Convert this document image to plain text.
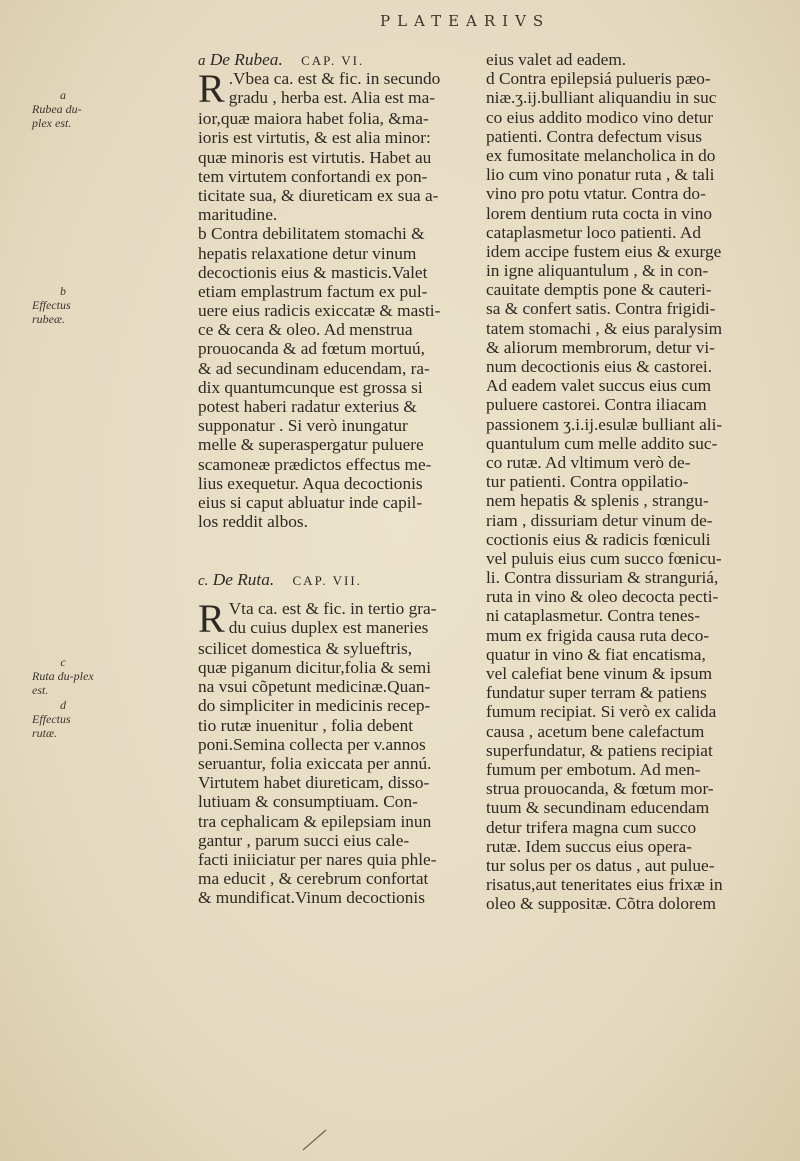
PLATEARIVS
a
Rubea du-plex est.
b
Effectus rubeæ.
c
Ruta du-plex est.
d
Effectus rutæ.
a De Rubea. CAP. VI.
R .Vbea ca. est & fic. in secundo
gradu , herba est. Alia est ma-
ior,quæ maiora habet folia, &ma-
ioris est virtutis, & est alia minor:
quæ minoris est virtutis. Habet au
tem virtutem confortandi ex pon-
ticitate sua, & diureticam ex sua a-
maritudine.
b Contra debilitatem stomachi &
hepatis relaxatione detur vinum
decoctionis eius & masticis.Valet
etiam emplastrum factum ex pul-
uere eius radicis exiccatæ & masti-
ce & cera & oleo. Ad menstrua
prouocanda & ad fœtum mortuú,
& ad secundinam educendam, ra-
dix quantumcunque est grossa si
potest haberi radatur exterius &
supponatur . Si verò inungatur
melle & superaspergatur puluere
scamoneæ prædictos effectus me-
lius exequetur. Aqua decoctionis
eius si caput abluatur inde capil-
los reddit albos.
c. De Ruta. CAP. VII.
R Vta ca. est & fic. in tertio gra-
du cuius duplex est maneries
scilicet domestica & sylueftris,
quæ piganum dicitur,folia & semi
na vsui cõpetunt medicinæ.Quan-
do simpliciter in medicinis recep-
tio rutæ inuenitur , folia debent
poni.Semina collecta per v.annos
seruantur, folia exiccata per annú.
Virtutem habet diureticam, disso-
lutiuam & consumptiuam. Con-
tra cephalicam & epilepsiam inun
gantur , parum succi eius cale-
facti iniiciatur per nares quia phle-
ma educit , & cerebrum confortat
& mundificat.Vinum decoctionis
eius valet ad eadem.
d Contra epilepsiá pulueris pæo-
niæ.ʒ.ij.bulliant aliquandiu in suc
co eius addito modico vino detur
patienti. Contra defectum visus
ex fumositate melancholica in do
lio cum vino ponatur ruta , & tali
vino pro potu vtatur. Contra do-
lorem dentium ruta cocta in vino
cataplasmetur loco patienti. Ad
idem accipe fustem eius & exurge
in igne aliquantulum , & in con-
cauitate demptis pone & cauteri-
sa & confert satis. Contra frigidi-
tatem stomachi , & eius paralysim
& aliorum membrorum, detur vi-
num decoctionis eius & castorei.
Ad eadem valet succus eius cum
puluere castorei. Contra iliacam
passionem ʒ.i.ij.esulæ bulliant ali-
quantulum cum melle addito suc-
co rutæ. Ad vltimum verò de-
tur patienti. Contra oppilatio-
nem hepatis & splenis , strangu-
riam , dissuriam detur vinum de-
coctionis eius & radicis fœniculi
vel puluis eius cum succo fœnicu-
li. Contra dissuriam & stranguriá,
ruta in vino & oleo decocta pecti-
ni cataplasmetur. Contra tenes-
mum ex frigida causa ruta deco-
quatur in vino & fiat encatisma,
vel calefiat bene vinum & ipsum
fundatur super terram & patiens
fumum recipiat. Si verò ex calida
causa , acetum bene calefactum
superfundatur, & patiens recipiat
fumum per embotum. Ad men-
strua prouocanda, & fœtum mor-
tuum & secundinam educendam
detur trifera magna cum succo
rutæ. Idem succus eius opera-
tur solus per os datus , aut pulue-
risatus,aut teneritates eius frixæ in
oleo & suppositæ. Cõtra dolorem
